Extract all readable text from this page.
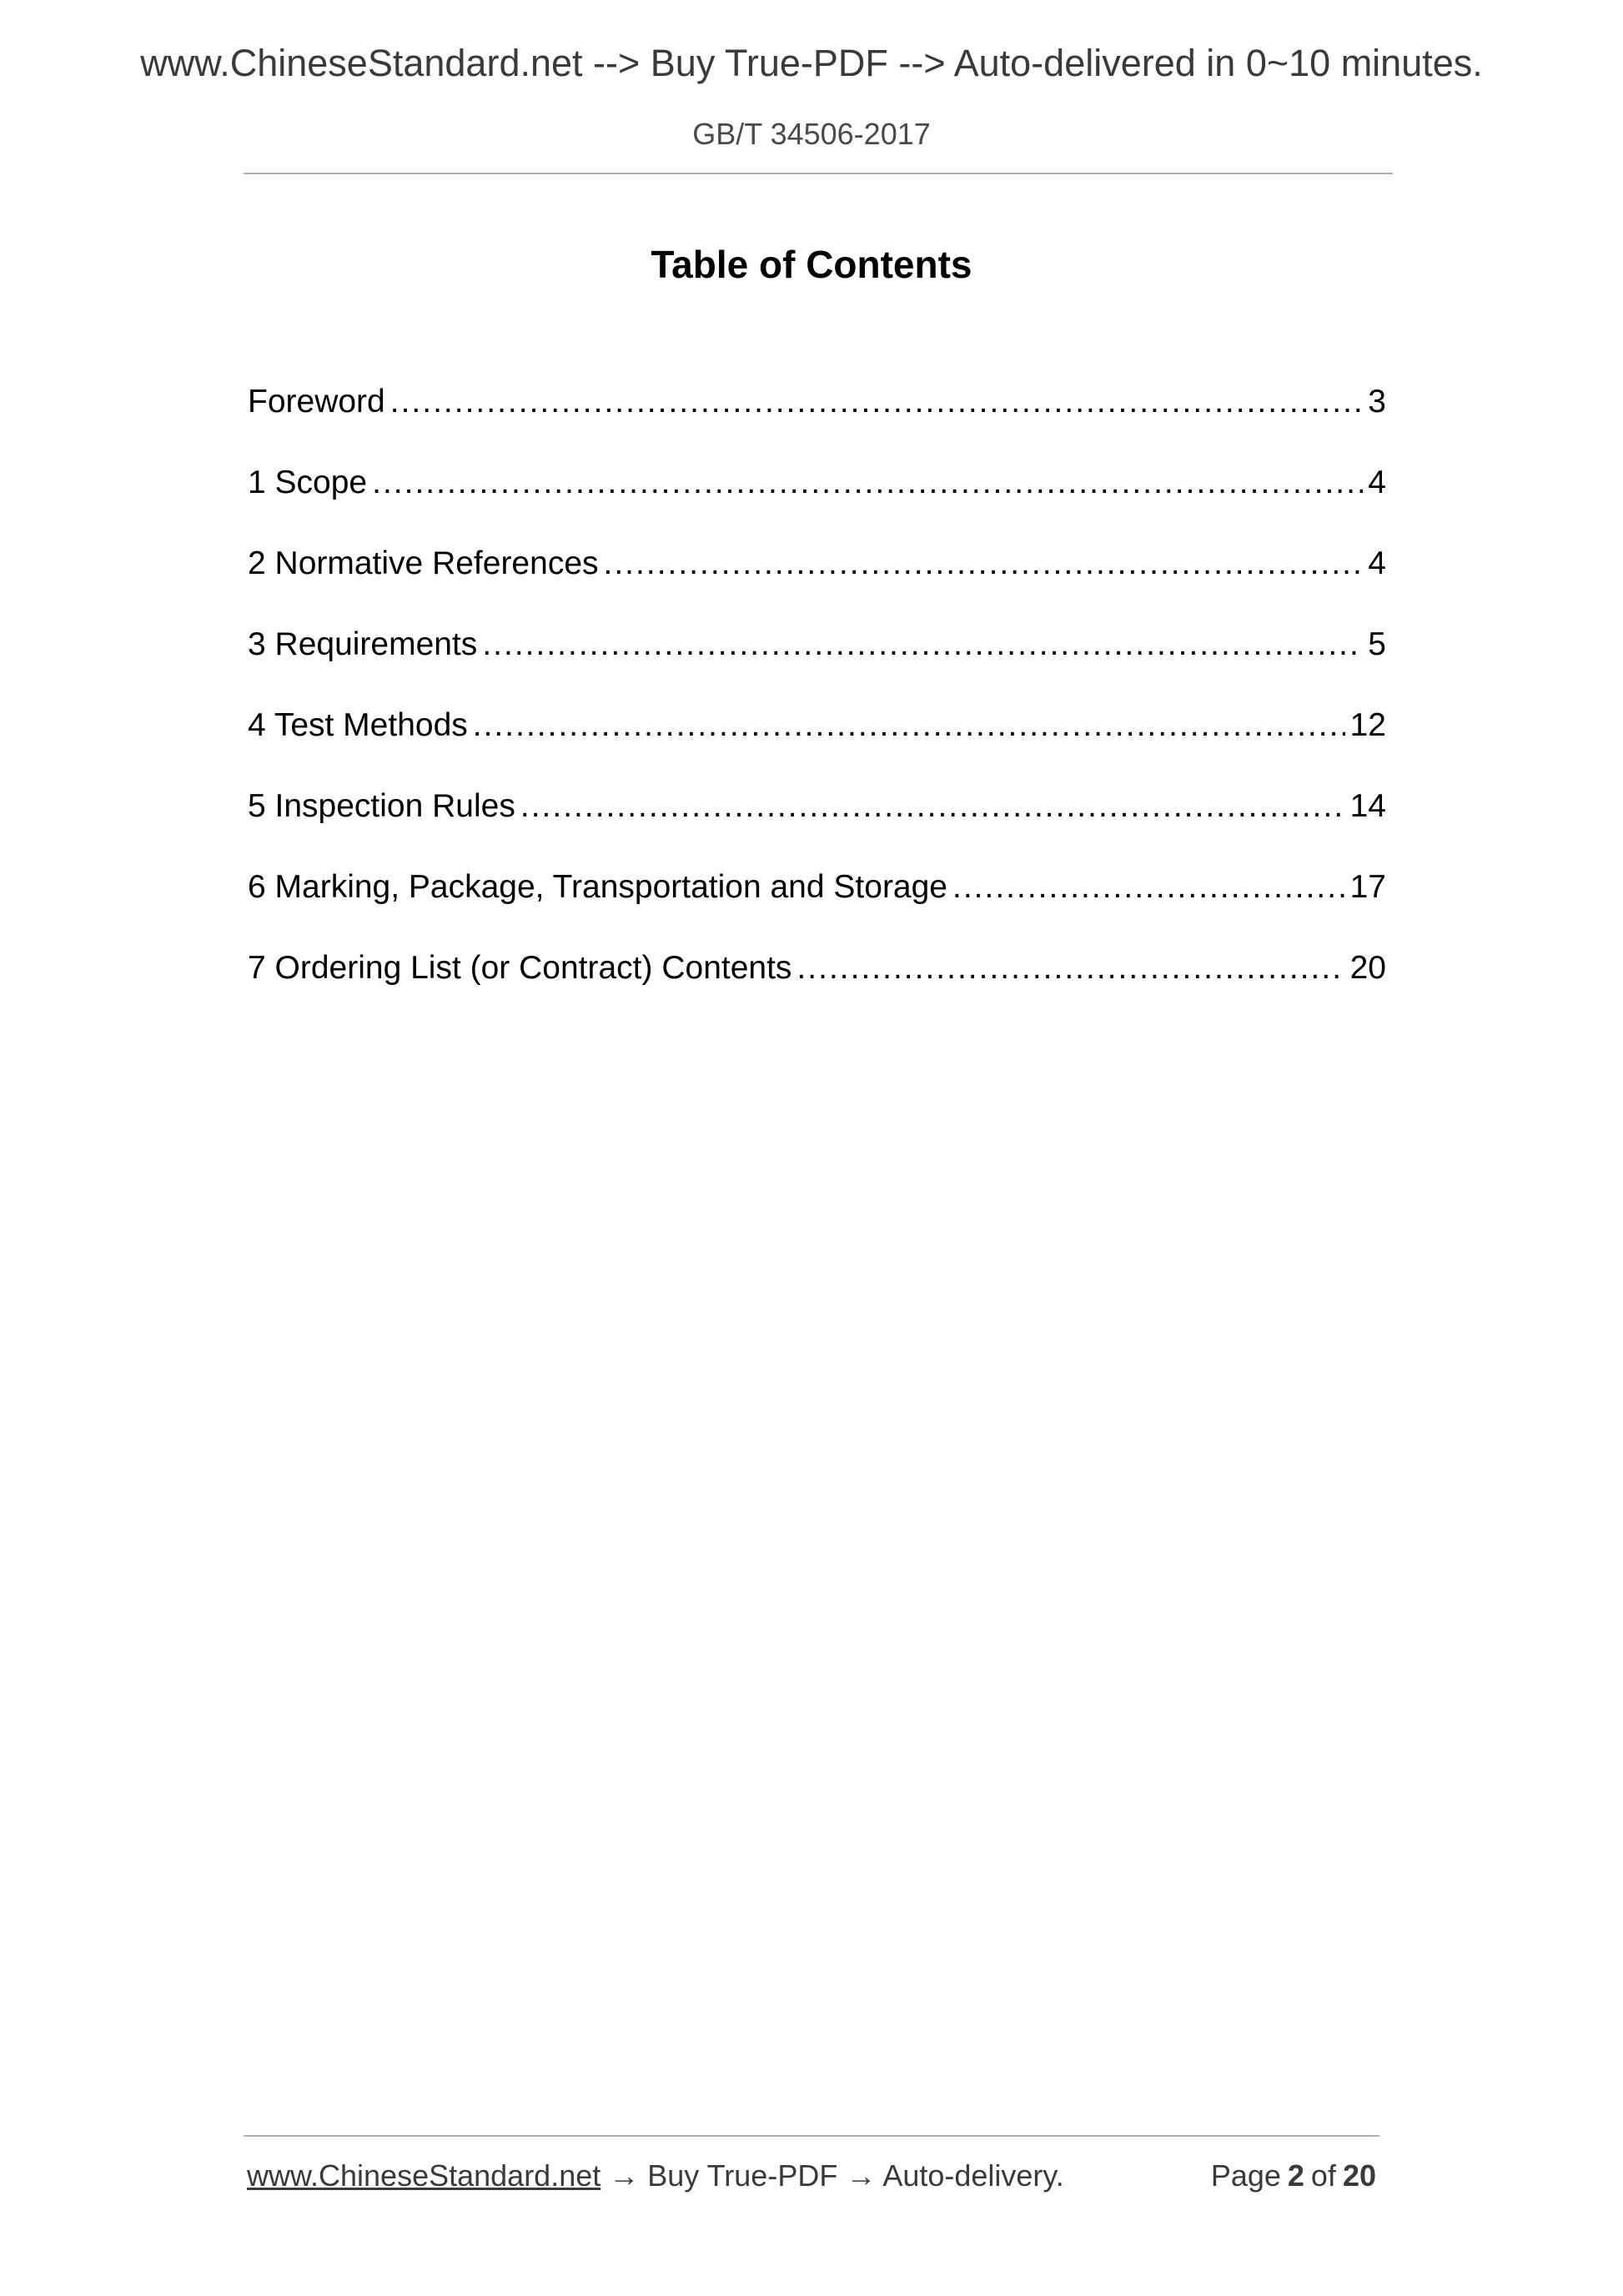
www.ChineseStandard.net --> Buy True-PDF --> Auto-delivered in 0~10 minutes.
GB/T 34506-2017
Table of Contents
Foreword .....	3
1 Scope .....	4
2 Normative References .....	4
3 Requirements .....	5
4 Test Methods .....	12
5 Inspection Rules .....	14
6 Marking, Package, Transportation and Storage .....	17
7 Ordering List (or Contract) Contents .....	20
www.ChineseStandard.net → Buy True-PDF → Auto-delivery.	Page 2 of 20
